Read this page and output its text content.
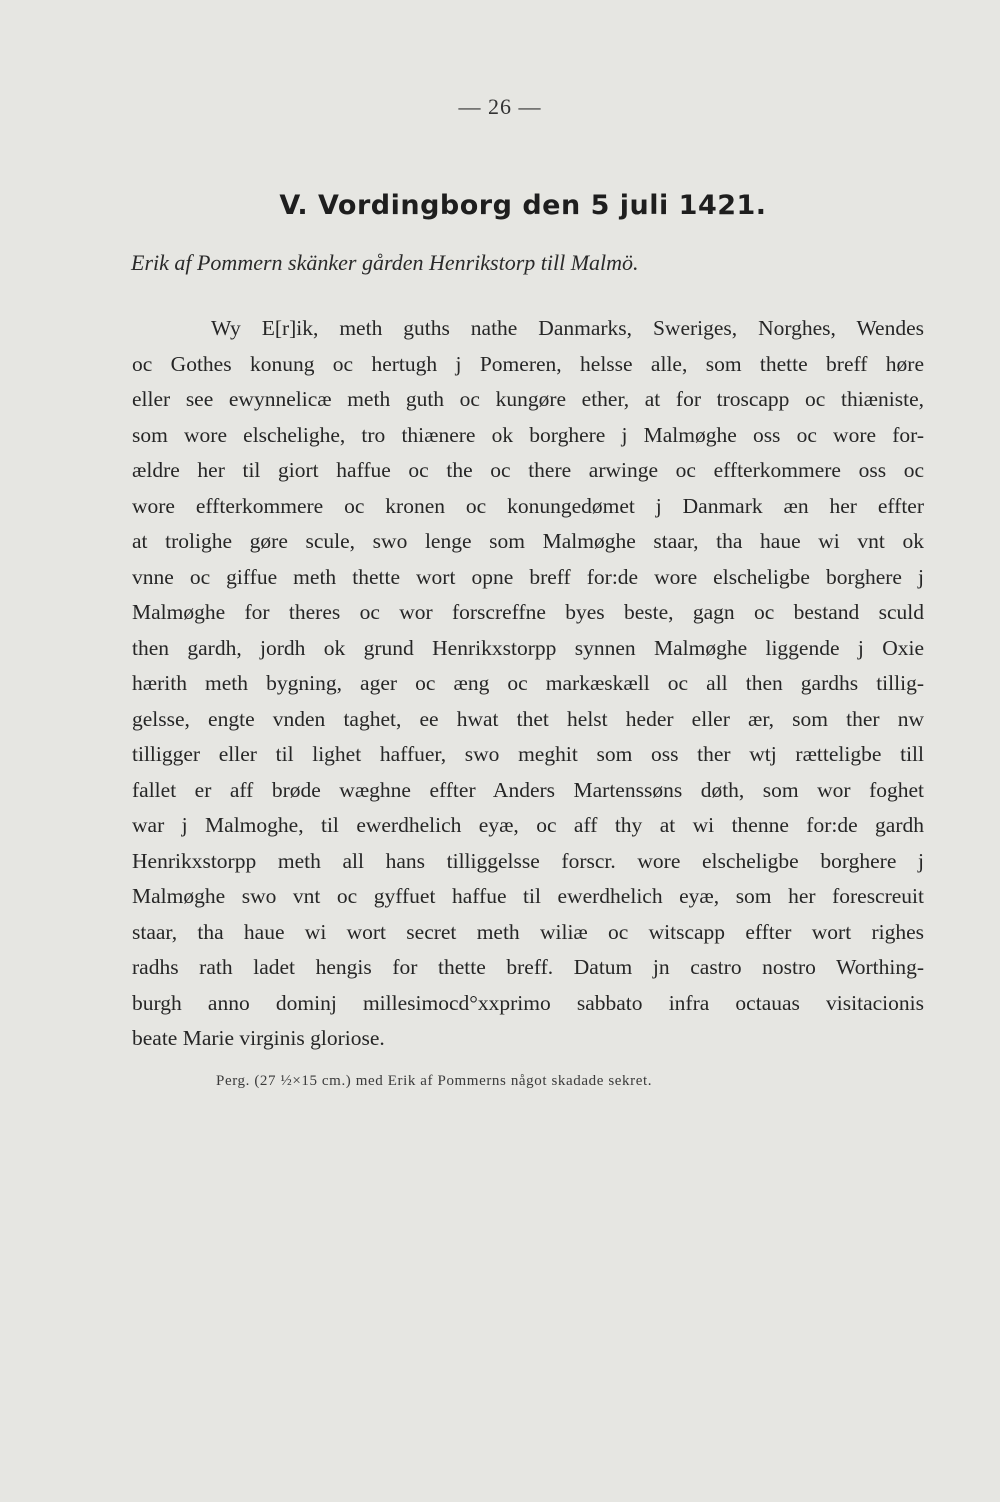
— 26 —
V. Vordingborg den 5 juli 1421.
Erik af Pommern skänker gården Henrikstorp till Malmö.
Wy E[r]ik, meth guths nathe Danmarks, Sweriges, Norghes, Wendes
oc Gothes konung oc hertugh j Pomeren, helsse alle, som thette breff høre
eller see ewynnelicæ meth guth oc kungøre ether, at for troscapp oc thiæniste,
som wore elschelighe, tro thiænere ok borghere j Malmøghe oss oc wore for-
ældre her til giort haffue oc the oc there arwinge oc effterkommere oss oc
wore effterkommere oc kronen oc konungedømet j Danmark æn her effter
at trolighe gøre scule, swo lenge som Malmøghe staar, tha haue wi vnt ok
vnne oc giffue meth thette wort opne breff for:de wore elscheligbe borghere j
Malmøghe for theres oc wor forscreffne byes beste, gagn oc bestand sculd
then gardh, jordh ok grund Henrikxstorpp synnen Malmøghe liggende j Oxie
hærith meth bygning, ager oc æng oc markæskæll oc all then gardhs tillig-
gelsse, engte vnden taghet, ee hwat thet helst heder eller ær, som ther nw
tilligger eller til lighet haffuer, swo meghit som oss ther wtj rætteligbe till
fallet er aff brøde wæghne effter Anders Martenssøns døth, som wor foghet
war j Malmoghe, til ewerdhelich eyæ, oc aff thy at wi thenne for:de gardh
Henrikxstorpp meth all hans tilliggelsse forscr. wore elscheligbe borghere j
Malmøghe swo vnt oc gyffuet haffue til ewerdhelich eyæ, som her forescreuit
staar, tha haue wi wort secret meth wiliæ oc witscapp effter wort righes
radhs rath ladet hengis for thette breff. Datum jn castro nostro Worthing-
burgh anno dominj millesimocd°xxprimo sabbato infra octauas visitacionis
beate Marie virginis gloriose.
Perg. (27 ½×15 cm.) med Erik af Pommerns något skadade sekret.
